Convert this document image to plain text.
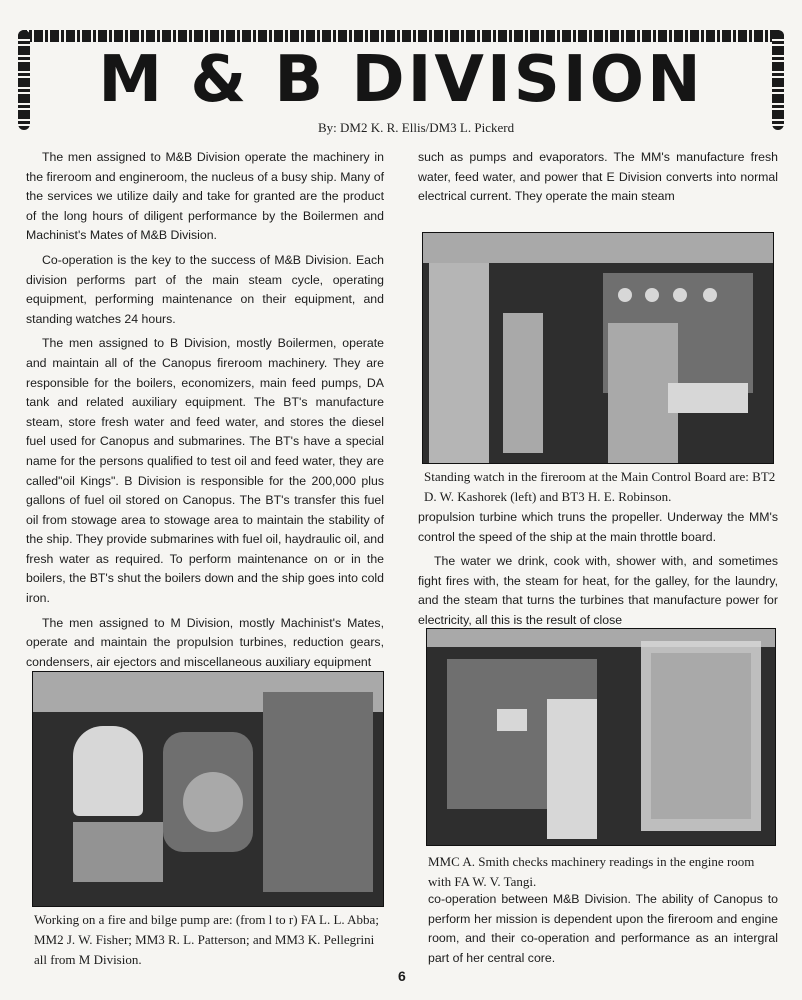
M & B DIVISION
By: DM2 K. R. Ellis/DM3 L. Pickerd

The men assigned to M&B Division operate the machinery in the fireroom and engineroom, the nucleus of a busy ship. Many of the services we utilize daily and take for granted are the product of the long hours of diligent performance by the Boilermen and Machinist's Mates of M&B Division.

Co-operation is the key to the success of M&B Division. Each division performs part of the main steam cycle, operating equipment, performing maintenance on their equipment, and standing watches 24 hours.

The men assigned to B Division, mostly Boilermen, operate and maintain all of the Canopus fireroom machinery. They are responsible for the boilers, economizers, main feed pumps, DA tank and related auxiliary equipment. The BT's manufacture steam, store fresh water and feed water, and stores the diesel fuel used for Canopus and submarines. The BT's have a special name for the persons qualified to test oil and feed water, they are called"oil Kings". B Division is responsible for the 200,000 plus gallons of fuel oil stored on Canopus. The BT's transfer this fuel oil from stowage area to stowage area to maintain the stability of the ship. They provide submarines with fuel oil, haydraulic oil, and fresh water as required. To perform maintenance on or in the boilers, the BT's shut the boilers down and the ship goes into cold iron.

The men assigned to M Division, mostly Machinist's Mates, operate and maintain the propulsion turbines, reduction gears, condensers, air ejectors and miscellaneous auxiliary equipment

such as pumps and evaporators. The MM's manufacture fresh water, feed water, and power that E Division converts into normal electrical current. They operate the main steam

Standing watch in the fireroom at the Main Control Board are: BT2 D. W. Kashorek (left) and BT3 H. E. Robinson.

propulsion turbine which truns the propeller. Underway the MM's control the speed of the ship at the main throttle board.

The water we drink, cook with, shower with, and sometimes fight fires with, the steam for heat, for the galley, for the laundry, and the steam that turns the turbines that manufacture power for electricity, all this is the result of close

MMC A. Smith checks machinery readings in the engine room with FA W. V. Tangi.

co-operation between M&B Division. The ability of Canopus to perform her mission is dependent upon the fireroom and engine room, and their co-operation and performance as an intergral part of her central core.

Working on a fire and bilge pump are: (from l to r) FA L. L. Abba; MM2 J. W. Fisher; MM3 R. L. Patterson; and MM3 K. Pellegrini all from M Division.
6
